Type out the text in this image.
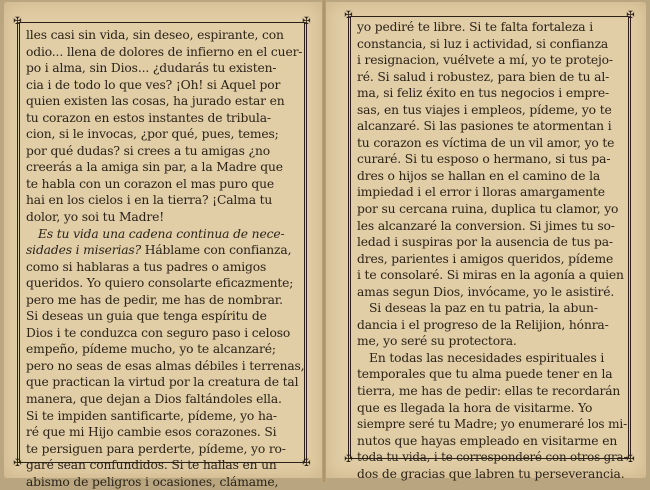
✠	✠
✠	✠
lles casi sin vida, sin deseo, espirante, con
odio... llena de dolores de infierno en el cuer-
po i alma, sin Dios... ¿dudarás tu existen-
cia i de todo lo que ves? ¡Oh! si Aquel por
quien existen las cosas, ha jurado estar en
tu corazon en estos instantes de tribula-
cion, si le invocas, ¿por qué, pues, temes;
por qué dudas? si crees a tu amigas ¿no
creerás a la amiga sin par, a la Madre que
te habla con un corazon el mas puro que
hai en los cielos i en la tierra? ¡Calma tu
dolor, yo soi tu Madre!
Es tu vida una cadena continua de nece-
sidades i miserias? Háblame con confianza,
como si hablaras a tus padres o amigos
queridos. Yo quiero consolarte eficazmente;
pero me has de pedir, me has de nombrar.
Si deseas un guia que tenga espíritu de
Dios i te conduzca con seguro paso i celoso
empeño, pídeme mucho, yo te alcanzaré;
pero no seas de esas almas débiles i terrenas,
que practican la virtud por la creatura de tal
manera, que dejan a Dios faltándoles ella.
Si te impiden santificarte, pídeme, yo ha-
ré que mi Hijo cambie esos corazones. Si
te persiguen para perderte, pídeme, yo ro-
garé sean confundidos. Si te hallas en un
abismo de peligros i ocasiones, clámame,
✠	✠
✠	✠
yo pediré te libre. Si te falta fortaleza i
constancia, si luz i actividad, si confianza
i resignacion, vuélvete a mí, yo te protejo-
ré. Si salud i robustez, para bien de tu al-
ma, si feliz éxito en tus negocios i empre-
sas, en tus viajes i empleos, pídeme, yo te
alcanzaré. Si las pasiones te atormentan i
tu corazon es víctima de un vil amor, yo te
curaré. Si tu esposo o hermano, si tus pa-
dres o hijos se hallan en el camino de la
impiedad i el error i lloras amargamente
por su cercana ruina, duplica tu clamor, yo
les alcanzaré la conversion. Si jimes tu so-
ledad i suspiras por la ausencia de tus pa-
dres, parientes i amigos queridos, pídeme
i te consolaré. Si miras en la agonía a quien
amas segun Dios, invócame, yo le asistiré.
Si deseas la paz en tu patria, la abun-
dancia i el progreso de la Relijion, hónra-
me, yo seré su protectora.
En todas las necesidades espirituales i
temporales que tu alma puede tener en la
tierra, me has de pedir: ellas te recordarán
que es llegada la hora de visitarme. Yo
siempre seré tu Madre; yo enumeraré los mi-
nutos que hayas empleado en visitarme en
toda tu vida, i te corresponderé con otros gra-
dos de gracias que labren tu perseverancia.
